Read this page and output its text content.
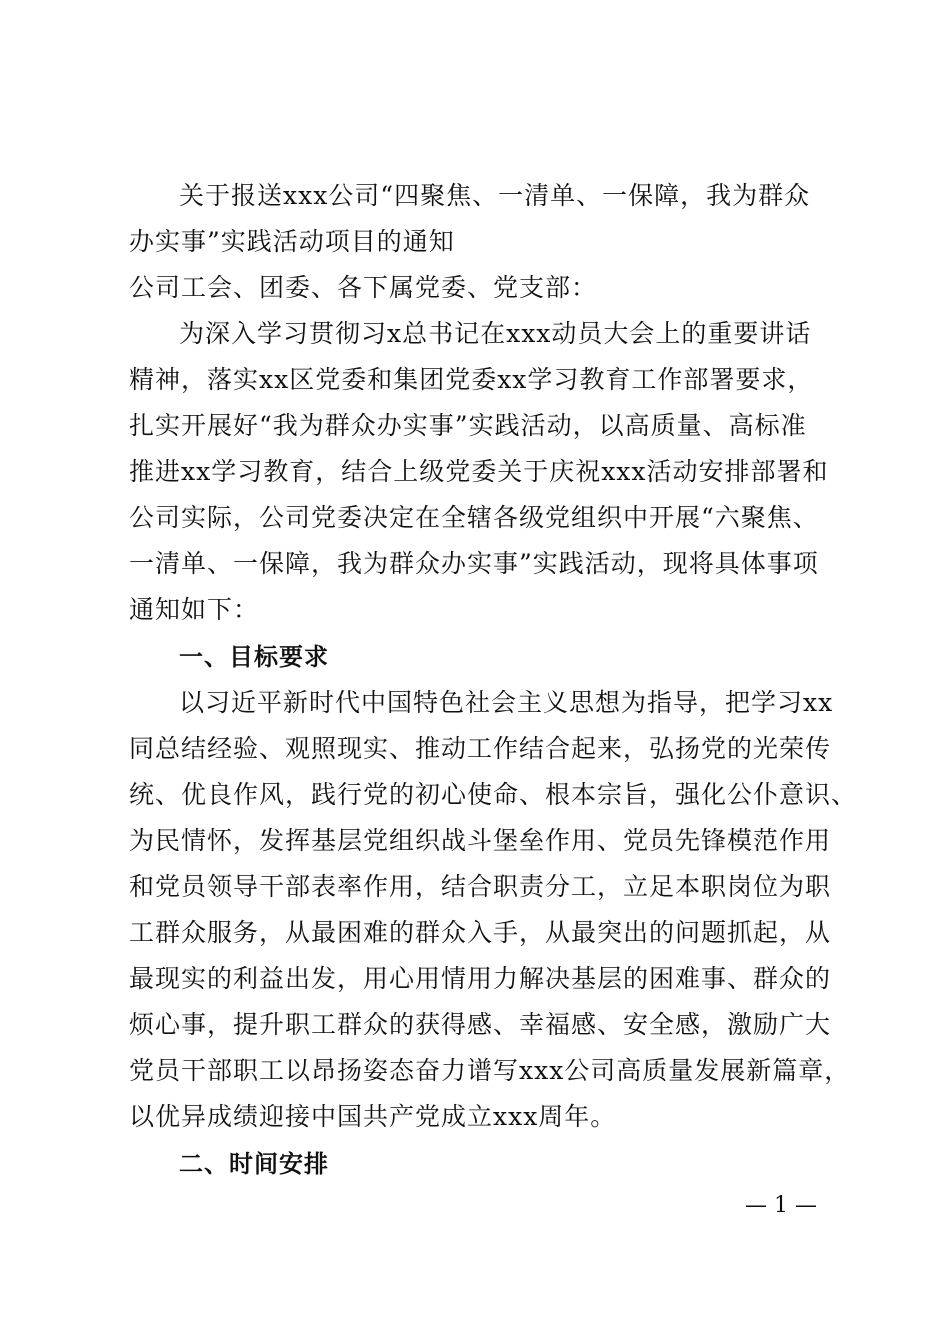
关于报送xxx公司“四聚焦、一清单、一保障，我为群众
办实事”实践活动项目的通知
公司工会、团委、各下属党委、党支部：
为深入学习贯彻习x总书记在xxx动员大会上的重要讲话
精神，落实xx区党委和集团党委xx学习教育工作部署要求，
扎实开展好“我为群众办实事”实践活动，以高质量、高标准
推进xx学习教育，结合上级党委关于庆祝xxx活动安排部署和
公司实际，公司党委决定在全辖各级党组织中开展“六聚焦、
一清单、一保障，我为群众办实事”实践活动，现将具体事项
通知如下：
一、目标要求
以习近平新时代中国特色社会主义思想为指导，把学习xx
同总结经验、观照现实、推动工作结合起来，弘扬党的光荣传
统、优良作风，践行党的初心使命、根本宗旨，强化公仆意识、
为民情怀，发挥基层党组织战斗堡垒作用、党员先锋模范作用
和党员领导干部表率作用，结合职责分工，立足本职岗位为职
工群众服务，从最困难的群众入手，从最突出的问题抓起，从
最现实的利益出发，用心用情用力解决基层的困难事、群众的
烦心事，提升职工群众的获得感、幸福感、安全感，激励广大
党员干部职工以昂扬姿态奋力谱写xxx公司高质量发展新篇章，
以优异成绩迎接中国共产党成立xxx周年。
二、时间安排
— 1 —
